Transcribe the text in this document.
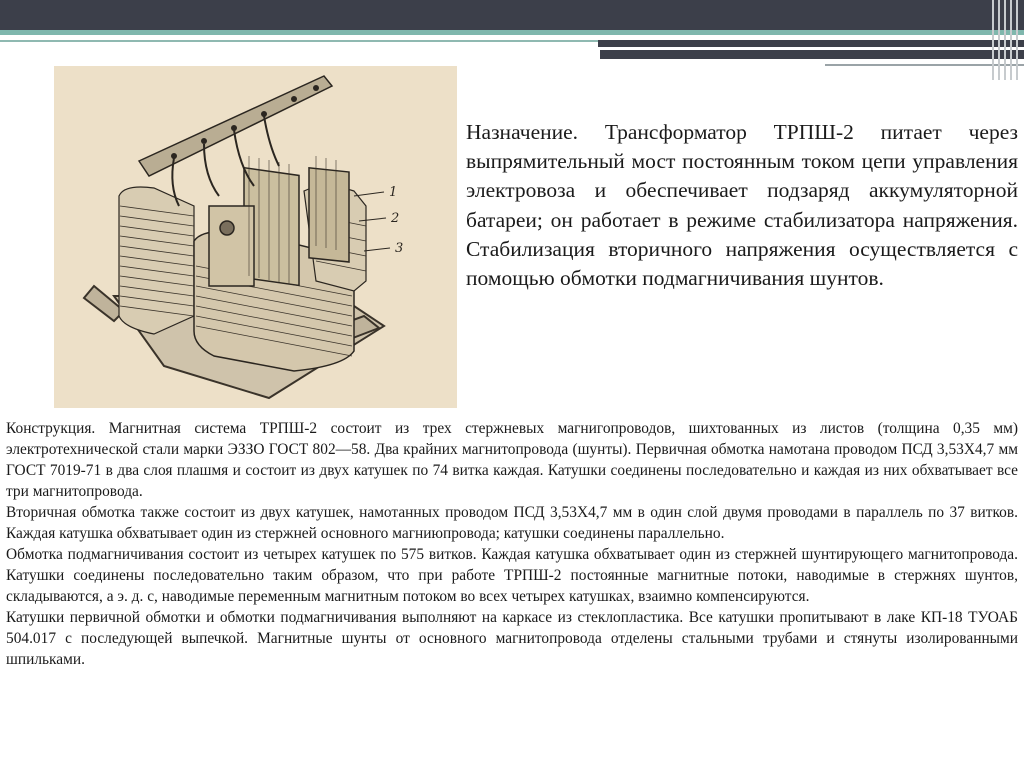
1
2
3
Назначение. Трансформатор ТРПШ-2 питает через выпрямительный мост постоянным током цепи управления электровоза и обеспечивает подзаряд аккумуляторной батареи; он работает в режиме стабилизатора напряжения. Стабилизация вторичного напряжения осуществляется с помощью обмотки подмагничивания шунтов.

Конструкция. Магнитная система ТРПШ-2 состоит из трех стержневых магнигопроводов, шихтованных из листов (толщина 0,35 мм) электротехнической стали марки ЭЗЗО ГОСТ 802—58. Два крайних магнитопровода (шунты). Первичная обмотка намотана проводом ПСД 3,53Х4,7 мм ГОСТ 7019-71 в два слоя плашмя и состоит из двух катушек по 74 витка каждая. Катушки соединены последовательно и каждая из них обхватывает все три магнитопровода.

Вторичная обмотка также состоит из двух катушек, намотанных проводом ПСД 3,53Х4,7 мм в один слой двумя проводами в параллель по 37 витков. Каждая катушка обхватывает один из стержней основного магниюпровода; катушки соединены параллельно.

Обмотка подмагничивания состоит из четырех катушек по 575 витков. Каждая катушка обхватывает один из стержней шунтирующего магнитопровода. Катушки соединены последовательно таким образом, что при работе ТРПШ-2 постоянные магнитные потоки, наводимые в стержнях шунтов, складываются, а э. д. с, наводимые переменным магнитным потоком во всех четырех катушках, взаимно компенсируются.

Катушки первичной обмотки и обмотки подмагничивания выполняют на каркасе из стеклопластика. Все катушки пропитывают в лаке КП-18 ТУОАБ 504.017 с последующей выпечкой. Магнитные шунты от основного магнитопровода отделены стальными трубами и стянуты изолированными шпильками.
